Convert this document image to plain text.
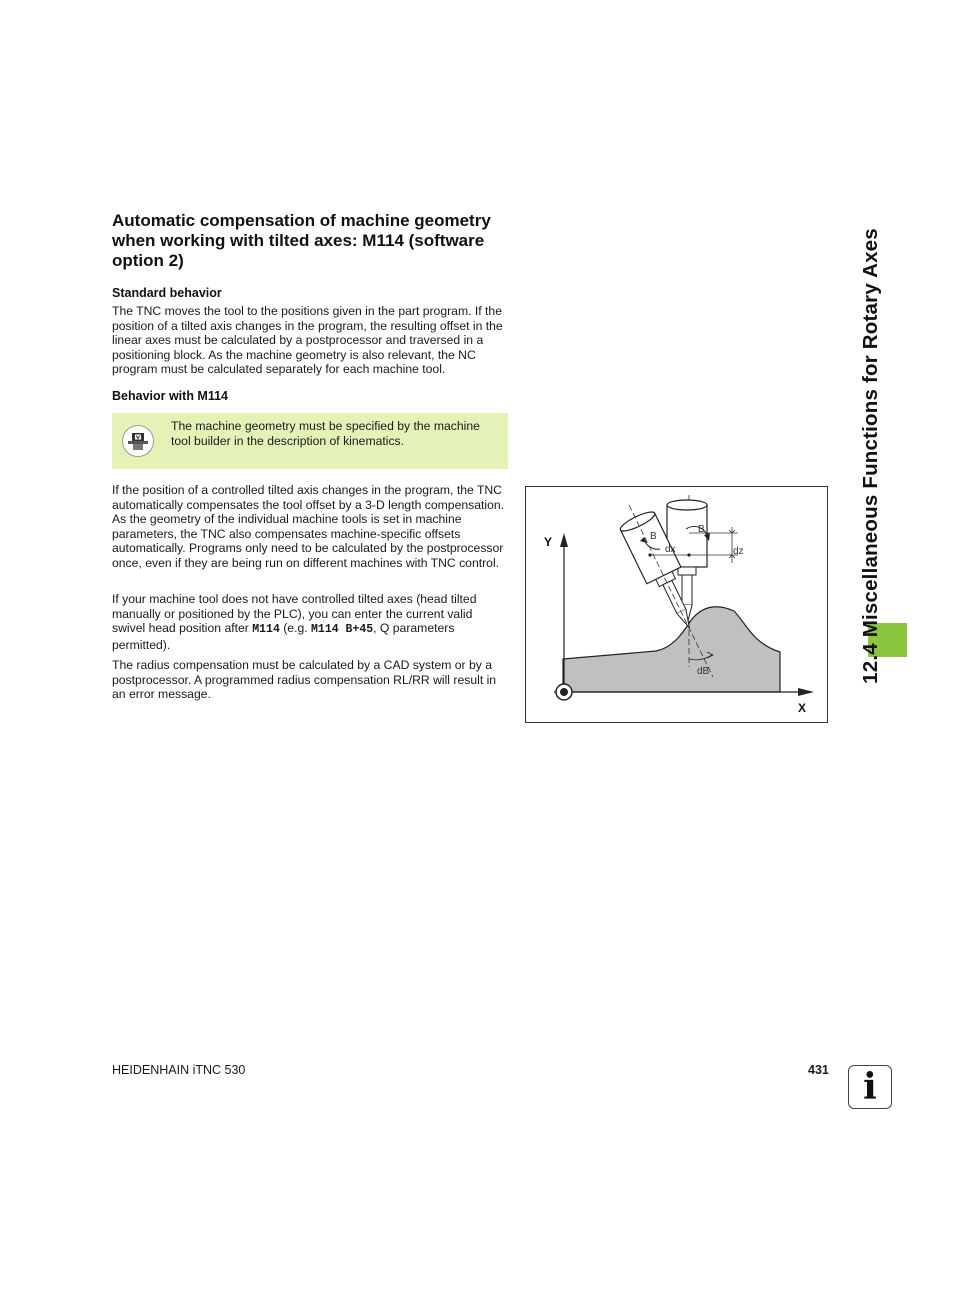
Automatic compensation of machine geometry when working with tilted axes: M114 (software option 2)
Standard behavior

The TNC moves the tool to the positions given in the part program. If the position of a tilted axis changes in the program, the resulting offset in the linear axes must be calculated by a postprocessor and traversed in a positioning block. As the machine geometry is also relevant, the NC program must be calculated separately for each machine tool.

Behavior with M114
The machine geometry must be specified by the machine tool builder in the description of kinematics.

If the position of a controlled tilted axis changes in the program, the TNC automatically compensates the tool offset by a 3-D length compensation. As the geometry of the individual machine tools is set in machine parameters, the TNC also compensates machine-specific offsets automatically. Programs only need to be calculated by the postprocessor once, even if they are being run on different machines with TNC control.

If your machine tool does not have controlled tilted axes (head tilted manually or positioned by the PLC), you can enter the current valid swivel head position after M114 (e.g. M114 B+45, Q parameters permitted).

The radius compensation must be calculated by a CAD system or by a postprocessor. A programmed radius compensation RL/RR will result in an error message.

Y
X
B
B
dx	dz
dB	12.4 Miscellaneous Functions for Rotary Axes
HEIDENHAIN iTNC 530	431 i
